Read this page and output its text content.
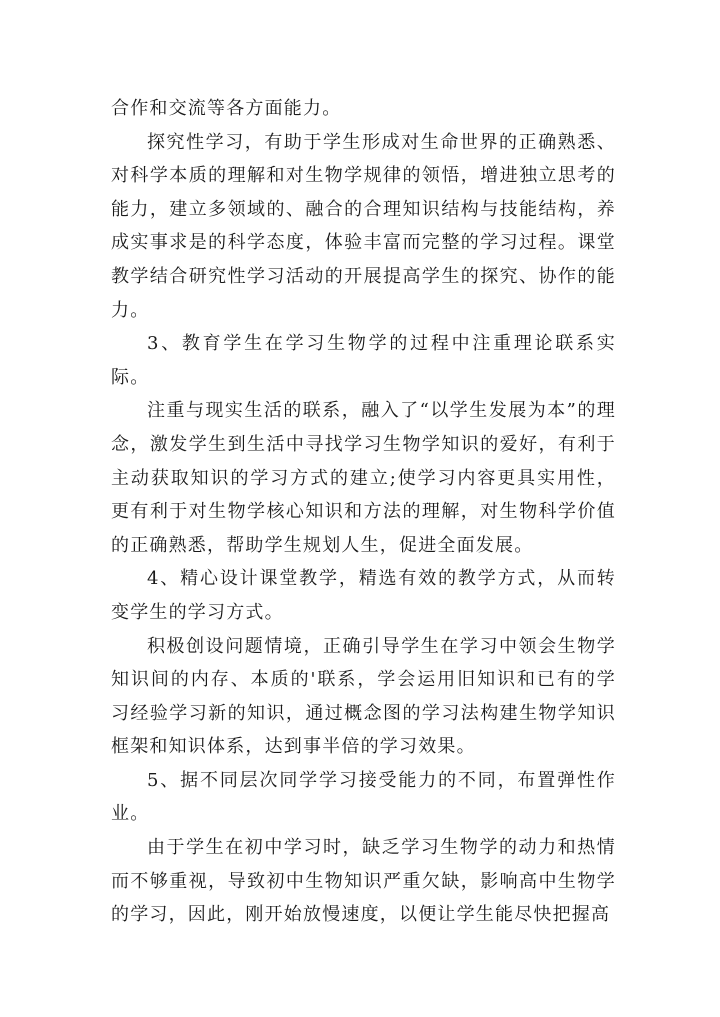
合作和交流等各方面能力。

探究性学习，有助于学生形成对生命世界的正确熟悉、对科学本质的理解和对生物学规律的领悟，增进独立思考的能力，建立多领域的、融合的合理知识结构与技能结构，养成实事求是的科学态度，体验丰富而完整的学习过程。课堂教学结合研究性学习活动的开展提高学生的探究、协作的能力。

3、教育学生在学习生物学的过程中注重理论联系实际。

注重与现实生活的联系，融入了“以学生发展为本”的理念，激发学生到生活中寻找学习生物学知识的爱好，有利于主动获取知识的学习方式的建立;使学习内容更具实用性，更有利于对生物学核心知识和方法的理解，对生物科学价值的正确熟悉，帮助学生规划人生，促进全面发展。

4、精心设计课堂教学，精选有效的教学方式，从而转变学生的学习方式。

积极创设问题情境，正确引导学生在学习中领会生物学知识间的内存、本质的'联系，学会运用旧知识和已有的学习经验学习新的知识，通过概念图的学习法构建生物学知识框架和知识体系，达到事半倍的学习效果。

5、据不同层次同学学习接受能力的不同，布置弹性作业。

由于学生在初中学习时，缺乏学习生物学的动力和热情而不够重视，导致初中生物知识严重欠缺，影响高中生物学的学习，因此，刚开始放慢速度，以便让学生能尽快把握高
